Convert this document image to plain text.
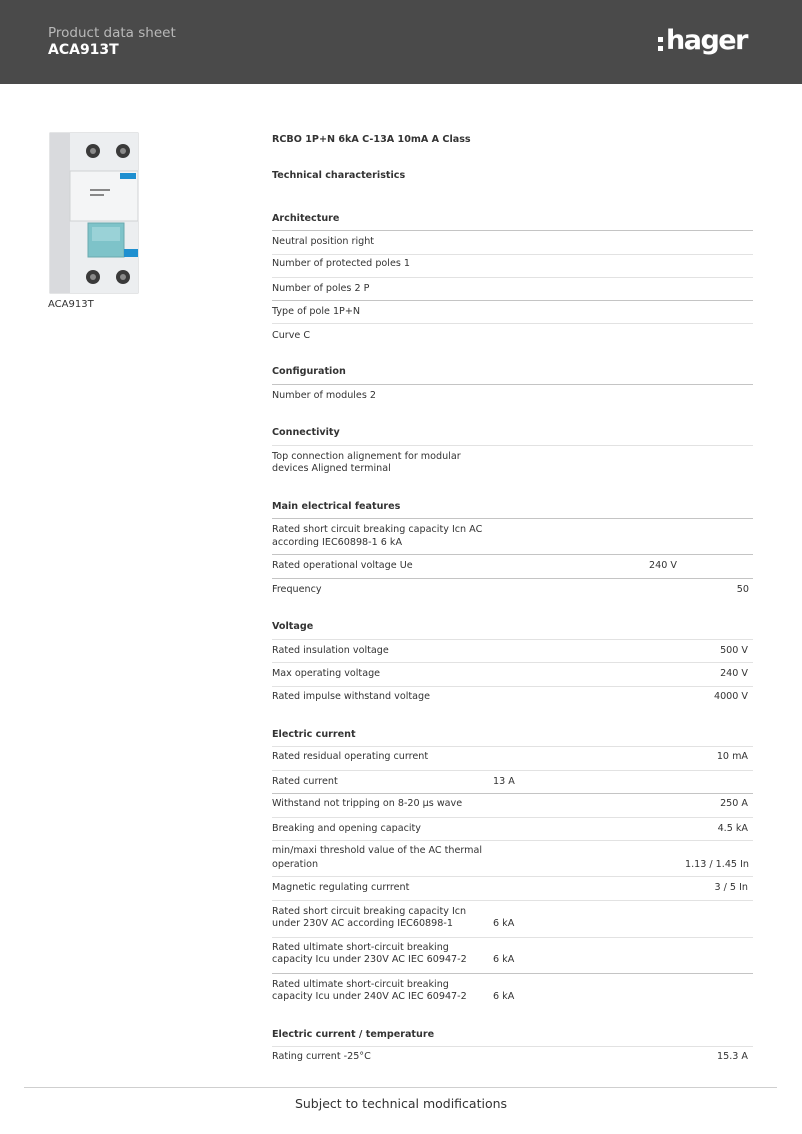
Product data sheet
ACA913T	hager
ACA913T
RCBO 1P+N 6kA C-13A 10mA A Class
Technical characteristics
Architecture
Neutral position right
Number of protected poles 1
Number of poles 2 P
Type of pole 1P+N
Curve C
Configuration
Number of modules 2
Connectivity
Top connection alignement for modular
devices Aligned terminal
Main electrical features
Rated short circuit breaking capacity Icn AC
according IEC60898-1 6 kA
Rated operational voltage Ue	240 V
Frequency	50
Voltage
Rated insulation voltage	500 V
Max operating voltage	240 V
Rated impulse withstand voltage	4000 V
Electric current
Rated residual operating current	10 mA
Rated current	13 A
Withstand not tripping on 8-20 µs wave	250 A
Breaking and opening capacity	4.5 kA
min/maxi threshold value of the AC thermal
operation	1.13 / 1.45 In
Magnetic regulating currrent	3 / 5 In
Rated short circuit breaking capacity Icn
under 230V AC according IEC60898-1	6 kA
Rated ultimate short-circuit breaking
capacity Icu under 230V AC IEC 60947-2	6 kA
Rated ultimate short-circuit breaking
capacity Icu under 240V AC IEC 60947-2	6 kA
Electric current / temperature
Rating current -25°C	15.3 A
Subject to technical modifications
